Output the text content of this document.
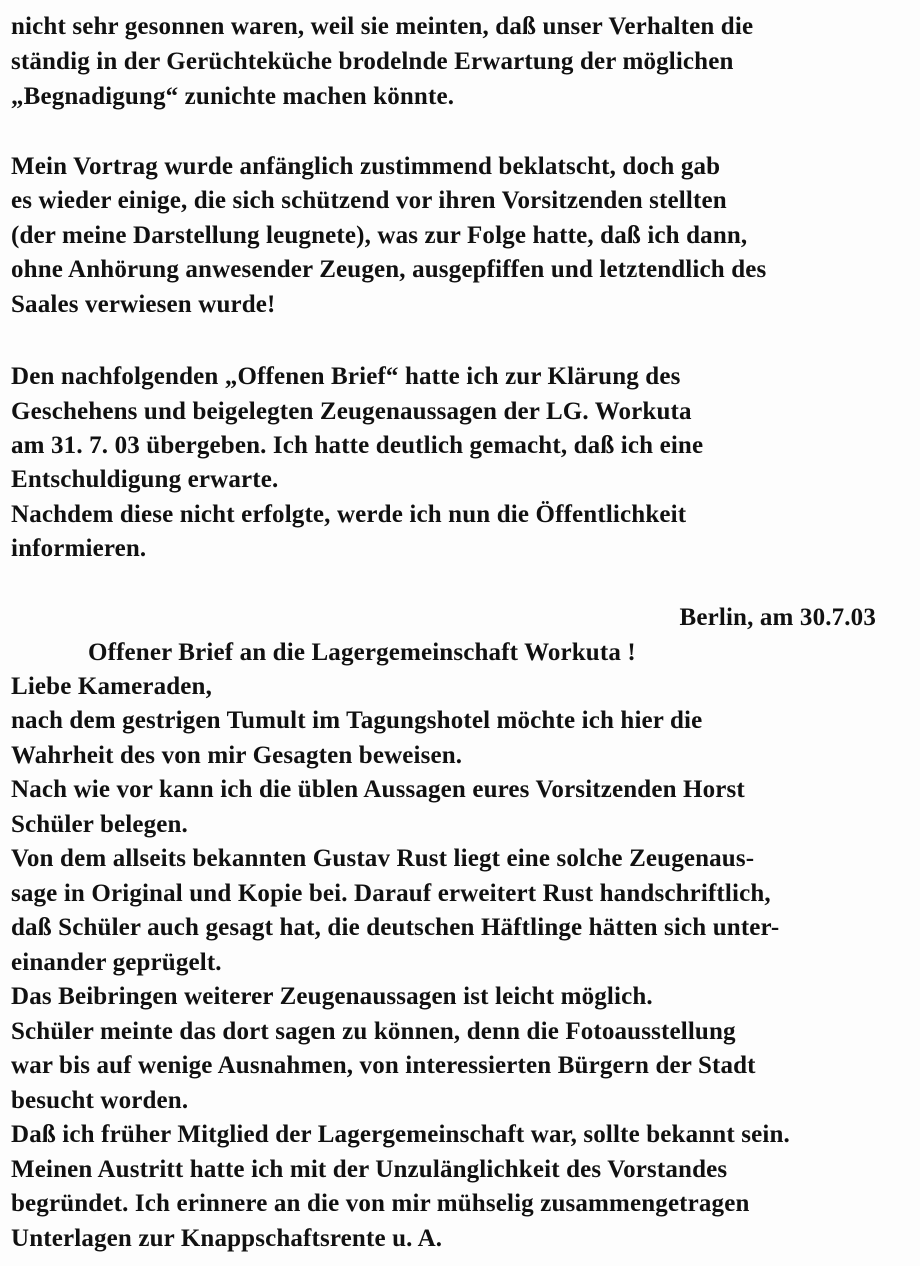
nicht sehr gesonnen waren, weil sie meinten, daß unser Verhalten die
ständig in der Gerüchteküche brodelnde Erwartung der möglichen
„Begnadigung“ zunichte machen könnte.
Mein Vortrag wurde anfänglich zustimmend beklatscht, doch gab
es wieder einige, die sich schützend vor ihren Vorsitzenden stellten
(der meine Darstellung leugnete), was zur Folge hatte, daß ich dann,
ohne Anhörung anwesender Zeugen, ausgepfiffen und letztendlich des
Saales verwiesen wurde!
Den nachfolgenden „Offenen Brief“ hatte ich zur Klärung des
Geschehens und beigelegten Zeugenaussagen der LG. Workuta
am 31. 7. 03 übergeben. Ich hatte deutlich gemacht, daß ich eine
Entschuldigung erwarte.
Nachdem diese nicht erfolgte, werde ich nun die Öffentlichkeit
informieren.
Berlin, am 30.7.03
Offener Brief an die Lagergemeinschaft Workuta !
Liebe Kameraden,
nach dem gestrigen Tumult im Tagungshotel möchte ich hier die
Wahrheit des von mir Gesagten beweisen.
Nach wie vor kann ich die üblen Aussagen eures Vorsitzenden Horst
Schüler belegen.
Von dem allseits bekannten Gustav Rust liegt eine solche Zeugenaus-
sage in Original und Kopie bei. Darauf erweitert Rust handschriftlich,
daß Schüler auch gesagt hat, die deutschen Häftlinge hätten sich unter-
einander geprügelt.
Das Beibringen weiterer Zeugenaussagen ist leicht möglich.
Schüler meinte das dort sagen zu können, denn die Fotoausstellung
war bis auf wenige Ausnahmen, von interessierten Bürgern der Stadt
besucht worden.
Daß ich früher Mitglied der Lagergemeinschaft war, sollte bekannt sein.
Meinen Austritt hatte ich mit der Unzulänglichkeit des Vorstandes
begründet. Ich erinnere an die von mir mühselig zusammengetragen
Unterlagen zur Knappschaftsrente u. A.
